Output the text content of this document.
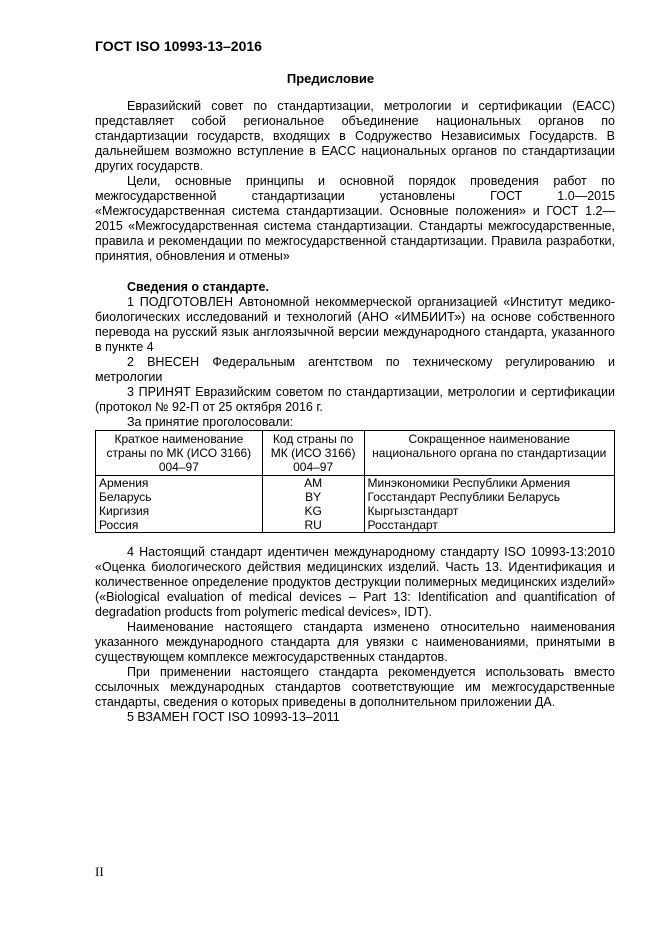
ГОСТ ISO 10993-13–2016
Предисловие

Евразийский совет по стандартизации, метрологии и сертификации (ЕАСС) представляет собой региональное объединение национальных органов по стандартизации государств, входящих в Содружество Независимых Государств. В дальнейшем возможно вступление в ЕАСС национальных органов по стандартизации других государств.

Цели, основные принципы и основной порядок проведения работ по межгосударственной стандартизации установлены ГОСТ 1.0—2015 «Межгосударственная система стандартизации. Основные положения» и ГОСТ 1.2—2015 «Межгосударственная система стандартизации. Стандарты межгосударственные, правила и рекомендации по межгосударственной стандартизации. Правила разработки, принятия, обновления и отмены»

Сведения о стандарте.

1 ПОДГОТОВЛЕН Автономной некоммерческой организацией «Институт медико-биологических исследований и технологий (АНО «ИМБИИТ») на основе собственного перевода на русский язык англоязычной версии международного стандарта, указанного в пункте 4

2 ВНЕСЕН Федеральным агентством по техническому регулированию и метрологии

3 ПРИНЯТ Евразийским советом по стандартизации, метрологии и сертификации (протокол № 92-П от 25 октября 2016 г.

За принятие проголосовали:

Краткое наименование страны по МК (ИСО 3166) 004–97	Код страны по МК (ИСО 3166) 004–97	Сокращенное наименование национального органа по стандартизации
Армения	AM	Минэкономики Республики Армения
Беларусь	BY	Госстандарт Республики Беларусь
Киргизия	KG	Кыргызстандарт
Россия	RU	Росстандарт

4 Настоящий стандарт идентичен международному стандарту ISO 10993-13:2010 «Оценка биологического действия медицинских изделий. Часть 13. Идентификация и количественное определение продуктов деструкции полимерных медицинских изделий» («Biological evaluation of medical devices – Part 13: Identification and quantification of degradation products from polymeric medical devices», IDT).

Наименование настоящего стандарта изменено относительно наименования указанного международного стандарта для увязки с наименованиями, принятыми в существующем комплексе межгосударственных стандартов.

При применении настоящего стандарта рекомендуется использовать вместо ссылочных международных стандартов соответствующие им межгосударственные стандарты, сведения о которых приведены в дополнительном приложении ДА.

5 ВЗАМЕН ГОСТ ISO 10993-13–2011

II
